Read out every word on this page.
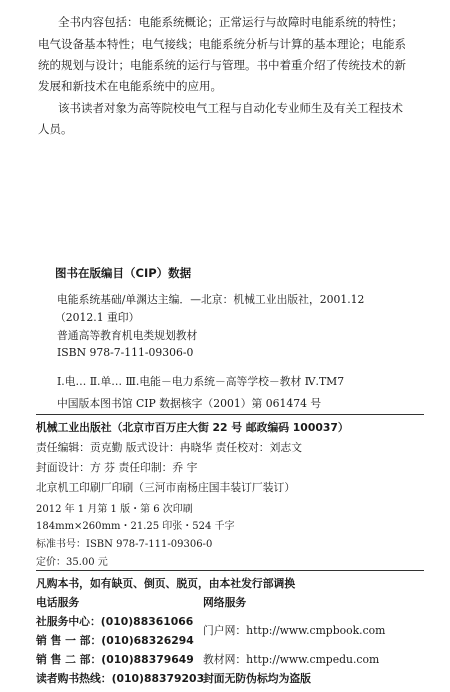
全书内容包括：电能系统概论；正常运行与故障时电能系统的特性；
电气设备基本特性；电气接线；电能系统分析与计算的基本理论；电能系
统的规划与设计；电能系统的运行与管理。书中着重介绍了传统技术的新
发展和新技术在电能系统中的应用。
该书读者对象为高等院校电气工程与自动化专业师生及有关工程技术
人员。
图书在版编目（CIP）数据
电能系统基础/单渊达主编．—北京：机械工业出版社，2001.12
（2012.1 重印）
普通高等教育机电类规划教材
ISBN 978-7-111-09306-0
Ⅰ.电… Ⅱ.单… Ⅲ.电能－电力系统－高等学校－教材 Ⅳ.TM7
中国版本图书馆 CIP 数据核字（2001）第 061474 号
机械工业出版社（北京市百万庄大街 22 号 邮政编码 100037）
责任编辑：贡克勤 版式设计：冉晓华 责任校对：刘志文
封面设计：方 芬 责任印制：乔 宇
北京机工印刷厂印刷（三河市南杨庄国丰装订厂装订）
2012 年 1 月第 1 版・第 6 次印刷
184mm×260mm・21.25 印张・524 千字
标准书号：ISBN 978-7-111-09306-0
定价：35.00 元
凡购本书，如有缺页、倒页、脱页，由本社发行部调换
电话服务	网络服务
社服务中心：(010)88361066
销 售 一 部：(010)68326294
销 售 二 部：(010)88379649
读者购书热线：(010)88379203
门户网：http://www.cmpbook.com
教材网：http://www.cmpedu.com
封面无防伪标均为盗版
